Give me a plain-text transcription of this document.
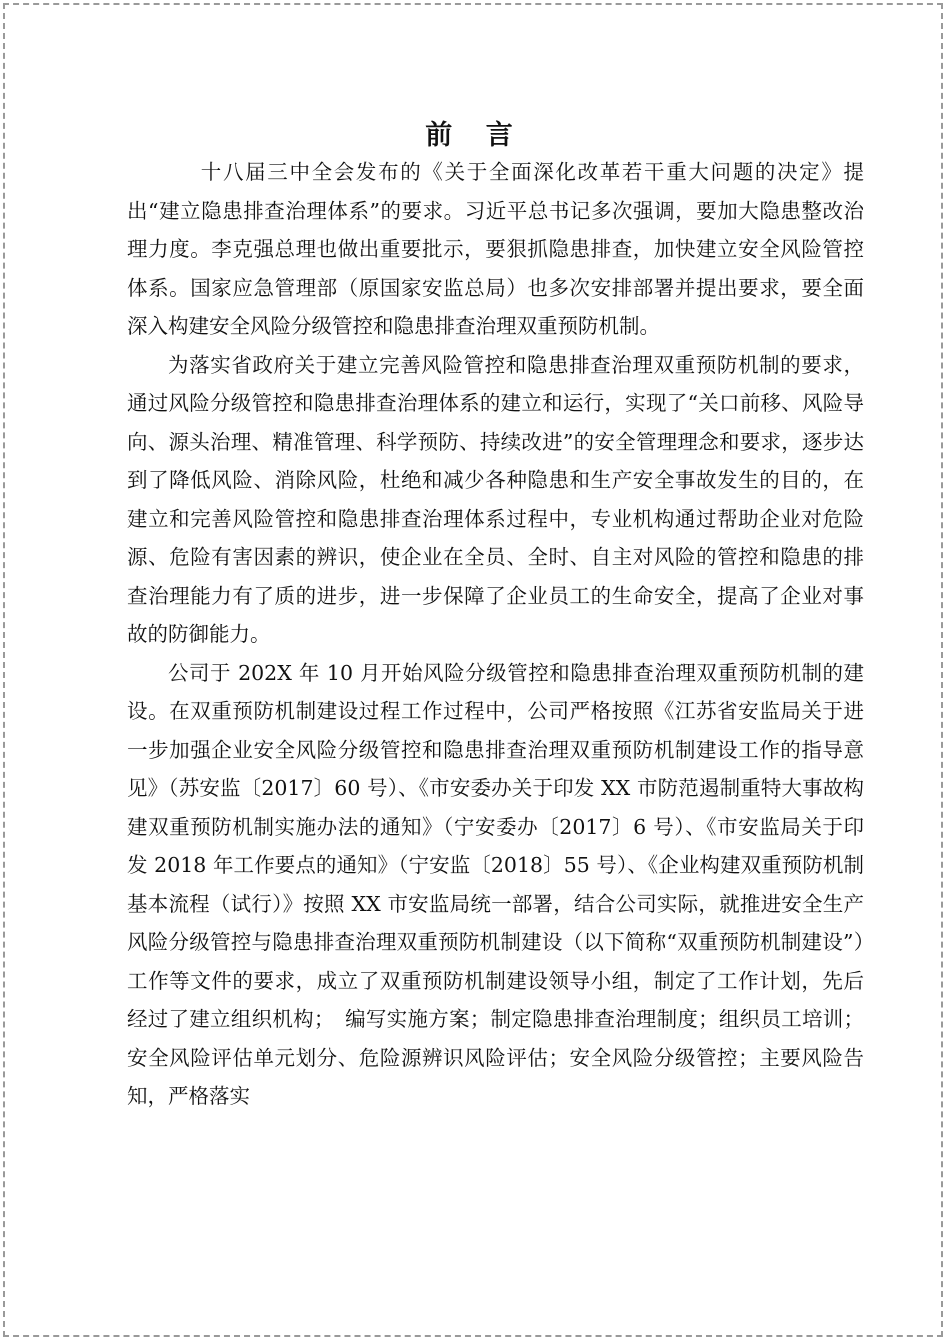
前 言

十八届三中全会发布的《关于全面深化改革若干重大问题的决定》提出“建立隐患排查治理体系”的要求。习近平总书记多次强调，要加大隐患整改治理力度。李克强总理也做出重要批示，要狠抓隐患排查，加快建立安全风险管控体系。国家应急管理部（原国家安监总局）也多次安排部署并提出要求，要全面深入构建安全风险分级管控和隐患排查治理双重预防机制。

为落实省政府关于建立完善风险管控和隐患排查治理双重预防机制的要求，通过风险分级管控和隐患排查治理体系的建立和运行，实现了“关口前移、风险导向、源头治理、精准管理、科学预防、持续改进”的安全管理理念和要求，逐步达到了降低风险、消除风险，杜绝和减少各种隐患和生产安全事故发生的目的，在建立和完善风险管控和隐患排查治理体系过程中，专业机构通过帮助企业对危险源、危险有害因素的辨识，使企业在全员、全时、自主对风险的管控和隐患的排查治理能力有了质的进步，进一步保障了企业员工的生命安全，提高了企业对事故的防御能力。

公司于 202X 年 10 月开始风险分级管控和隐患排查治理双重预防机制的建设。在双重预防机制建设过程工作过程中，公司严格按照《江苏省安监局关于进一步加强企业安全风险分级管控和隐患排查治理双重预防机制建设工作的指导意见》（苏安监〔2017〕60 号）、《市安委办关于印发 XX 市防范遏制重特大事故构建双重预防机制实施办法的通知》（宁安委办〔2017〕6 号）、《市安监局关于印发 2018 年工作要点的通知》（宁安监〔2018〕55 号）、《企业构建双重预防机制基本流程（试行）》按照 XX 市安监局统一部署，结合公司实际，就推进安全生产风险分级管控与隐患排查治理双重预防机制建设（以下简称“双重预防机制建设”）工作等文件的要求，成立了双重预防机制建设领导小组，制定了工作计划，先后经过了建立组织机构；　编写实施方案；制定隐患排查治理制度；组织员工培训；安全风险评估单元划分、危险源辨识风险评估；安全风险分级管控；主要风险告知，严格落实
